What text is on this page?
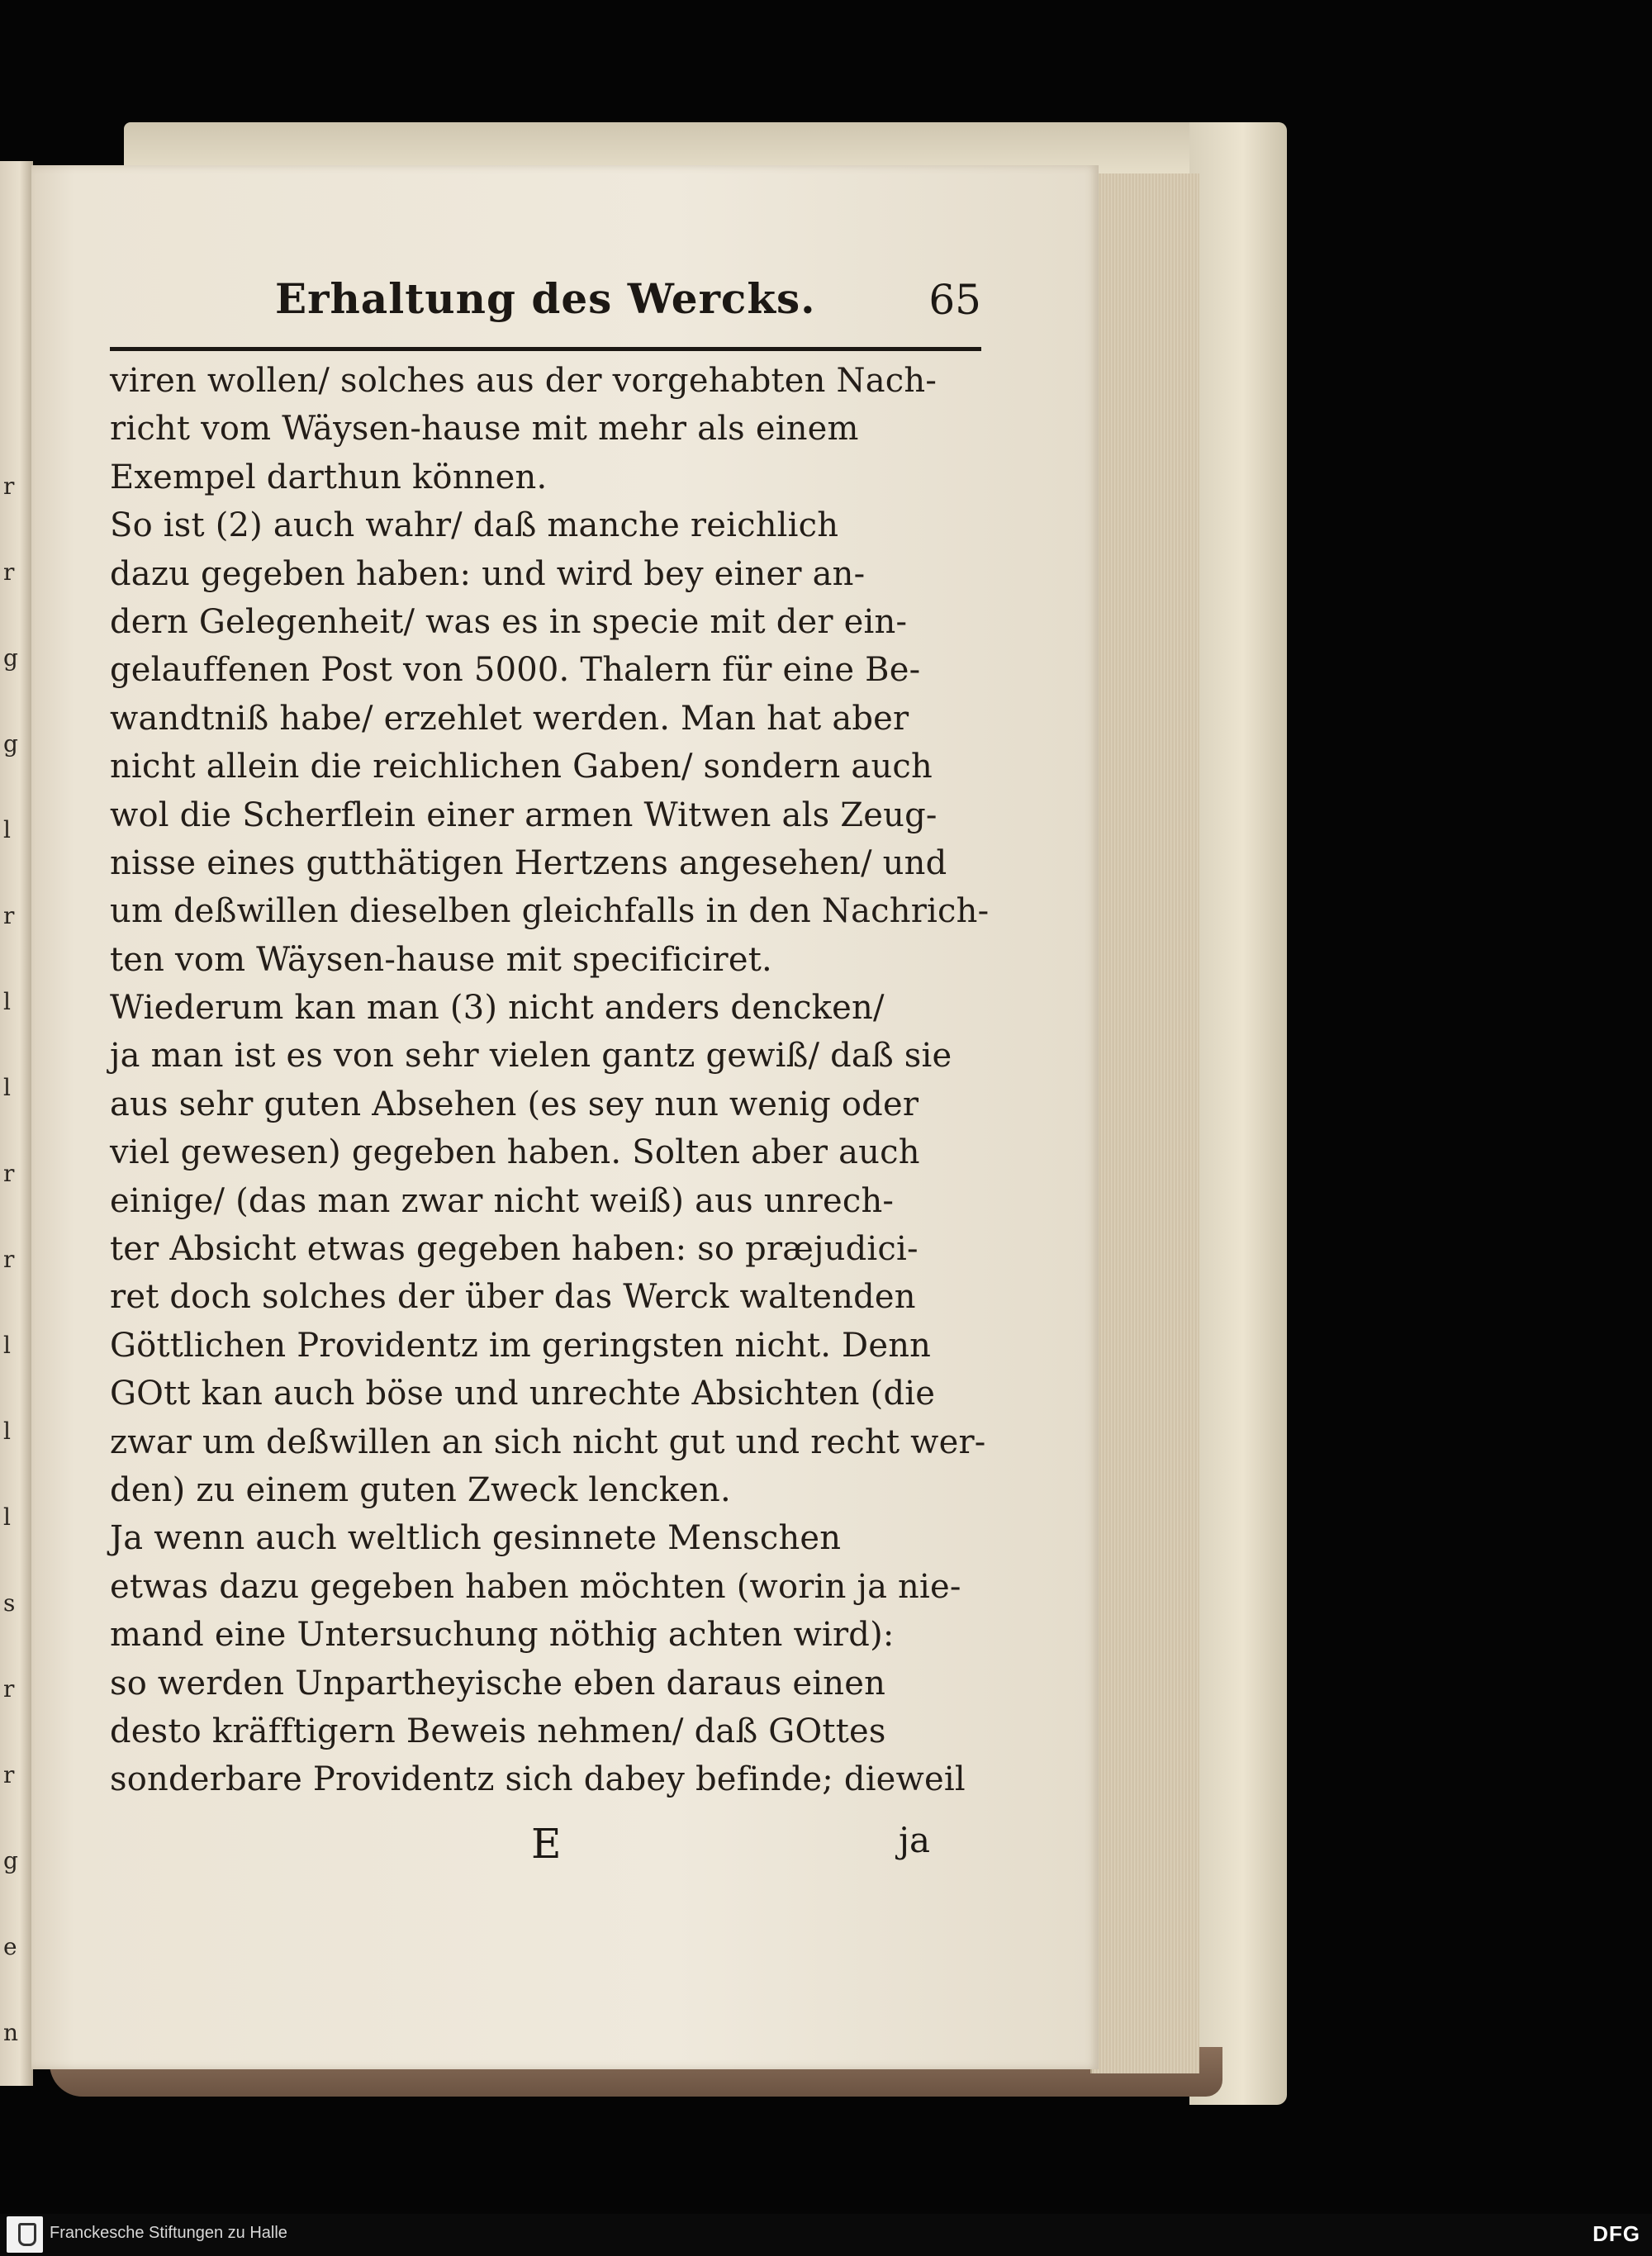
r
r
g
g
l
r
l
l
r
r
l
l
l
s
r
r
g
e
n
Erhaltung des Wercks.	65
viren wollen/ solches aus der vorgehabten Nach-
richt vom Wäysen-hause mit mehr als einem
Exempel darthun können.
So ist (2) auch wahr/ daß manche reichlich
dazu gegeben haben: und wird bey einer an-
dern Gelegenheit/ was es in specie mit der ein-
gelauffenen Post von 5000. Thalern für eine Be-
wandtniß habe/ erzehlet werden. Man hat aber
nicht allein die reichlichen Gaben/ sondern auch
wol die Scherflein einer armen Witwen als Zeug-
nisse eines gutthätigen Hertzens angesehen/ und
um deßwillen dieselben gleichfalls in den Nachrich-
ten vom Wäysen-hause mit specificiret.
Wiederum kan man (3) nicht anders dencken/
ja man ist es von sehr vielen gantz gewiß/ daß sie
aus sehr guten Absehen (es sey nun wenig oder
viel gewesen) gegeben haben. Solten aber auch
einige/ (das man zwar nicht weiß) aus unrech-
ter Absicht etwas gegeben haben: so præjudici-
ret doch solches der über das Werck waltenden
Göttlichen Providentz im geringsten nicht. Denn
GOtt kan auch böse und unrechte Absichten (die
zwar um deßwillen an sich nicht gut und recht wer-
den) zu einem guten Zweck lencken.
Ja wenn auch weltlich gesinnete Menschen
etwas dazu gegeben haben möchten (worin ja nie-
mand eine Untersuchung nöthig achten wird):
so werden Unpartheyische eben daraus einen
desto kräfftigern Beweis nehmen/ daß GOttes
sonderbare Providentz sich dabey befinde; dieweil
E	ja
Franckesche Stiftungen zu Halle	DFG
